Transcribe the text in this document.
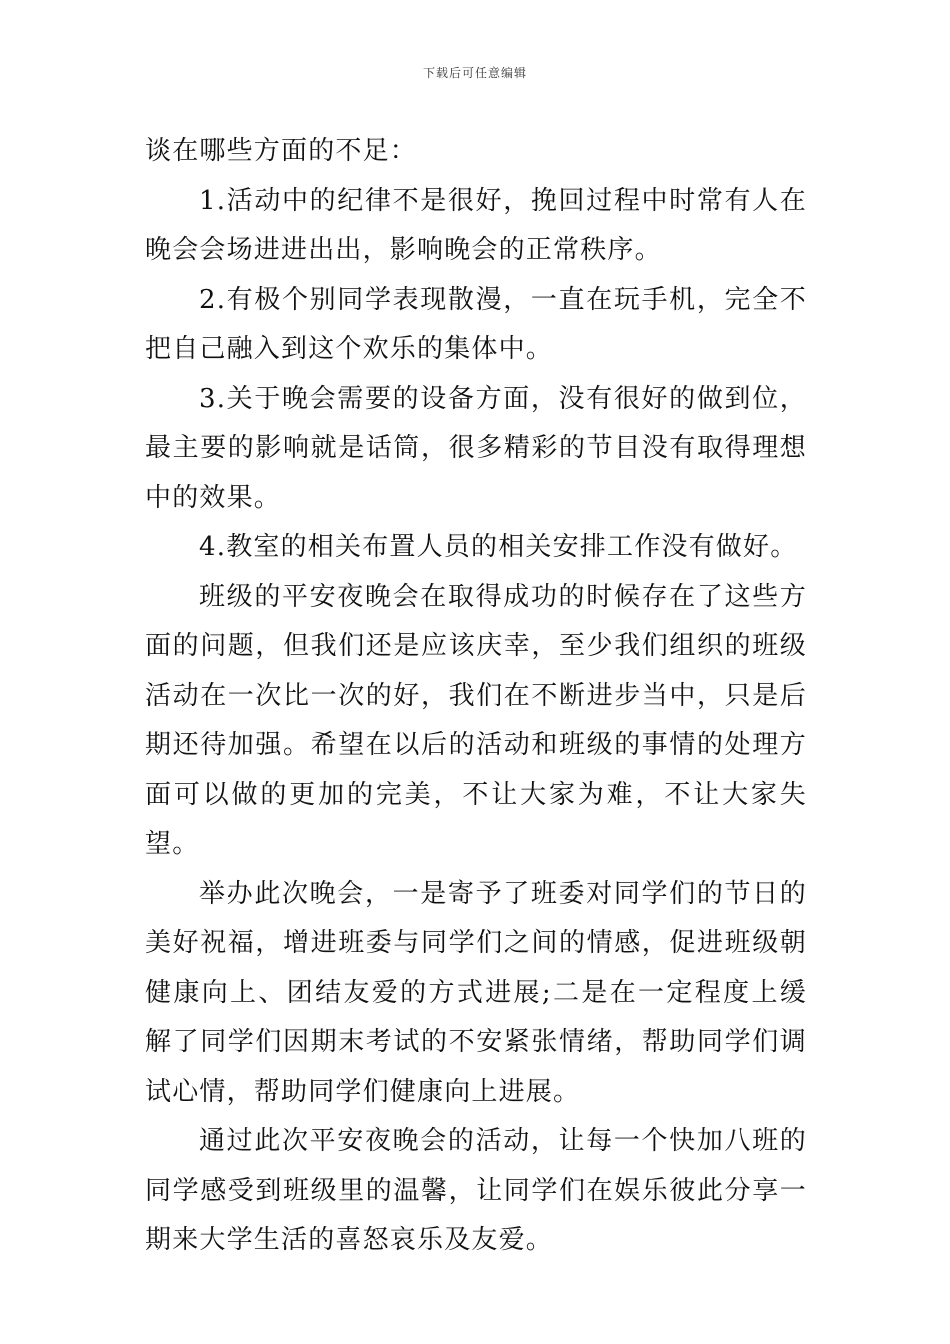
下载后可任意编辑

谈在哪些方面的不足：

1.活动中的纪律不是很好，挽回过程中时常有人在晚会会场进进出出，影响晚会的正常秩序。

2.有极个别同学表现散漫，一直在玩手机，完全不把自己融入到这个欢乐的集体中。

3.关于晚会需要的设备方面，没有很好的做到位，最主要的影响就是话筒，很多精彩的节目没有取得理想中的效果。

4.教室的相关布置人员的相关安排工作没有做好。

班级的平安夜晚会在取得成功的时候存在了这些方面的问题，但我们还是应该庆幸，至少我们组织的班级活动在一次比一次的好，我们在不断进步当中，只是后期还待加强。希望在以后的活动和班级的事情的处理方面可以做的更加的完美，不让大家为难，不让大家失望。

举办此次晚会，一是寄予了班委对同学们的节日的美好祝福，增进班委与同学们之间的情感，促进班级朝健康向上、团结友爱的方式进展;二是在一定程度上缓解了同学们因期末考试的不安紧张情绪，帮助同学们调试心情，帮助同学们健康向上进展。

通过此次平安夜晚会的活动，让每一个快加八班的同学感受到班级里的温馨，让同学们在娱乐彼此分享一期来大学生活的喜怒哀乐及友爱。
